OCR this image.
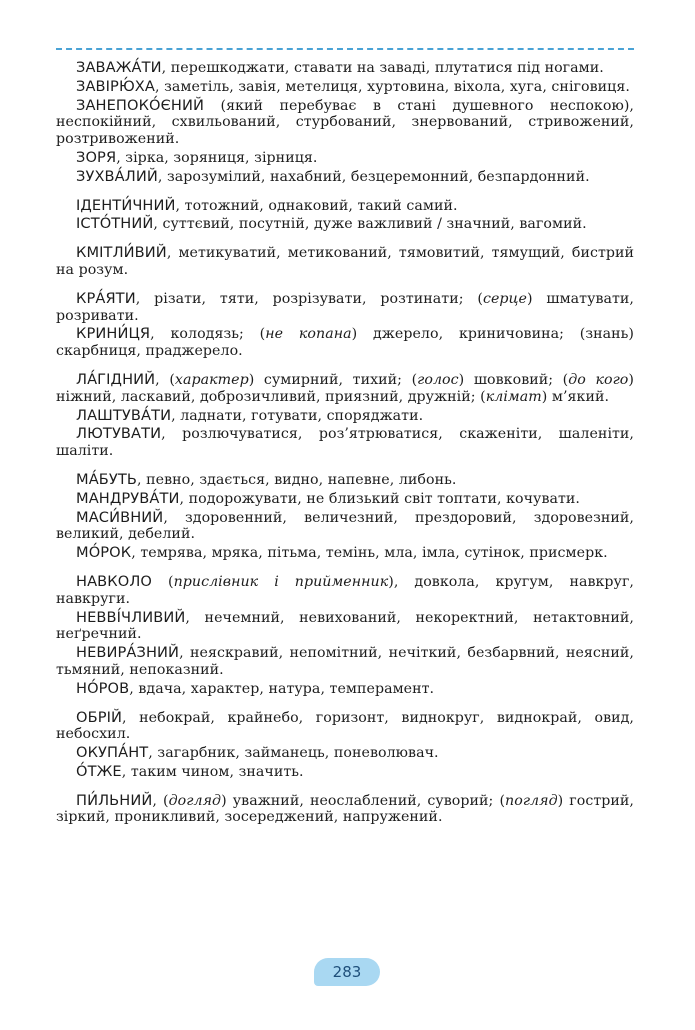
ЗАВАЖА́ТИ, перешкоджати, ставати на заваді, плутатися під ногами.

ЗАВІРЮ́ХА, заметіль, завія, метелиця, хуртовина, віхола, хуга, сніговиця.

ЗАНЕПОКО́ЄНИЙ (який перебуває в стані душевного неспокою), неспокійний, схвильований, стурбований, знервований, стривожений, розтривожений.

ЗОРЯ, зірка, зоряниця, зірниця.

ЗУХВА́ЛИЙ, зарозумілий, нахабний, безцеремонний, безпардонний.

ІДЕНТИ́ЧНИЙ, тотожний, однаковий, такий самий.

ІСТО́ТНИЙ, суттєвий, посутній, дуже важливий / значний, вагомий.

КМІТЛИ́ВИЙ, метикуватий, метикований, тямовитий, тямущий, бистрий на розум.

КРА́ЯТИ, різати, тяти, розрізувати, розтинати; (серце) шматувати, розривати.

КРИНИ́ЦЯ, колодязь; (не копана) джерело, криничовина; (знань) скарбниця, праджерело.

ЛА́ГІДНИЙ, (характер) сумирний, тихий; (голос) шовковий; (до кого) ніжний, ласкавий, доброзичливий, приязний, дружній; (клімат) м’який.

ЛАШТУВА́ТИ, ладнати, готувати, споряджати.

ЛЮТУВАТИ, розлючуватися, роз’ятрюватися, скаженіти, шаленіти, шаліти.

МА́БУТЬ, певно, здається, видно, напевне, либонь.

МАНДРУВА́ТИ, подорожувати, не близький світ топтати, кочувати.

МАСИ́ВНИЙ, здоровенний, величезний, прездоровий, здоровезний, великий, дебелий.

МО́РОК, темрява, мряка, пітьма, темінь, мла, імла, сутінок, присмерк.

НАВКОЛО (прислівник і прийменник), довкола, кругум, навкруг, навкруги.

НЕВВІ́ЧЛИВИЙ, нечемний, невихований, некоректний, нетактовний, неґречний.

НЕВИРА́ЗНИЙ, неяскравий, непомітний, нечіткий, безбарвний, неясний, тьмяний, непоказний.

НО́РОВ, вдача, характер, натура, темперамент.

ОБРІЙ, небокрай, крайнебо, горизонт, виднокруг, виднокрай, овид, небосхил.

ОКУПА́НТ, загарбник, займанець, поневолювач.

О́ТЖЕ, таким чином, значить.

ПИ́ЛЬНИЙ, (догляд) уважний, неослаблений, суворий; (погляд) гострий, зіркий, проникливий, зосереджений, напружений.

283
